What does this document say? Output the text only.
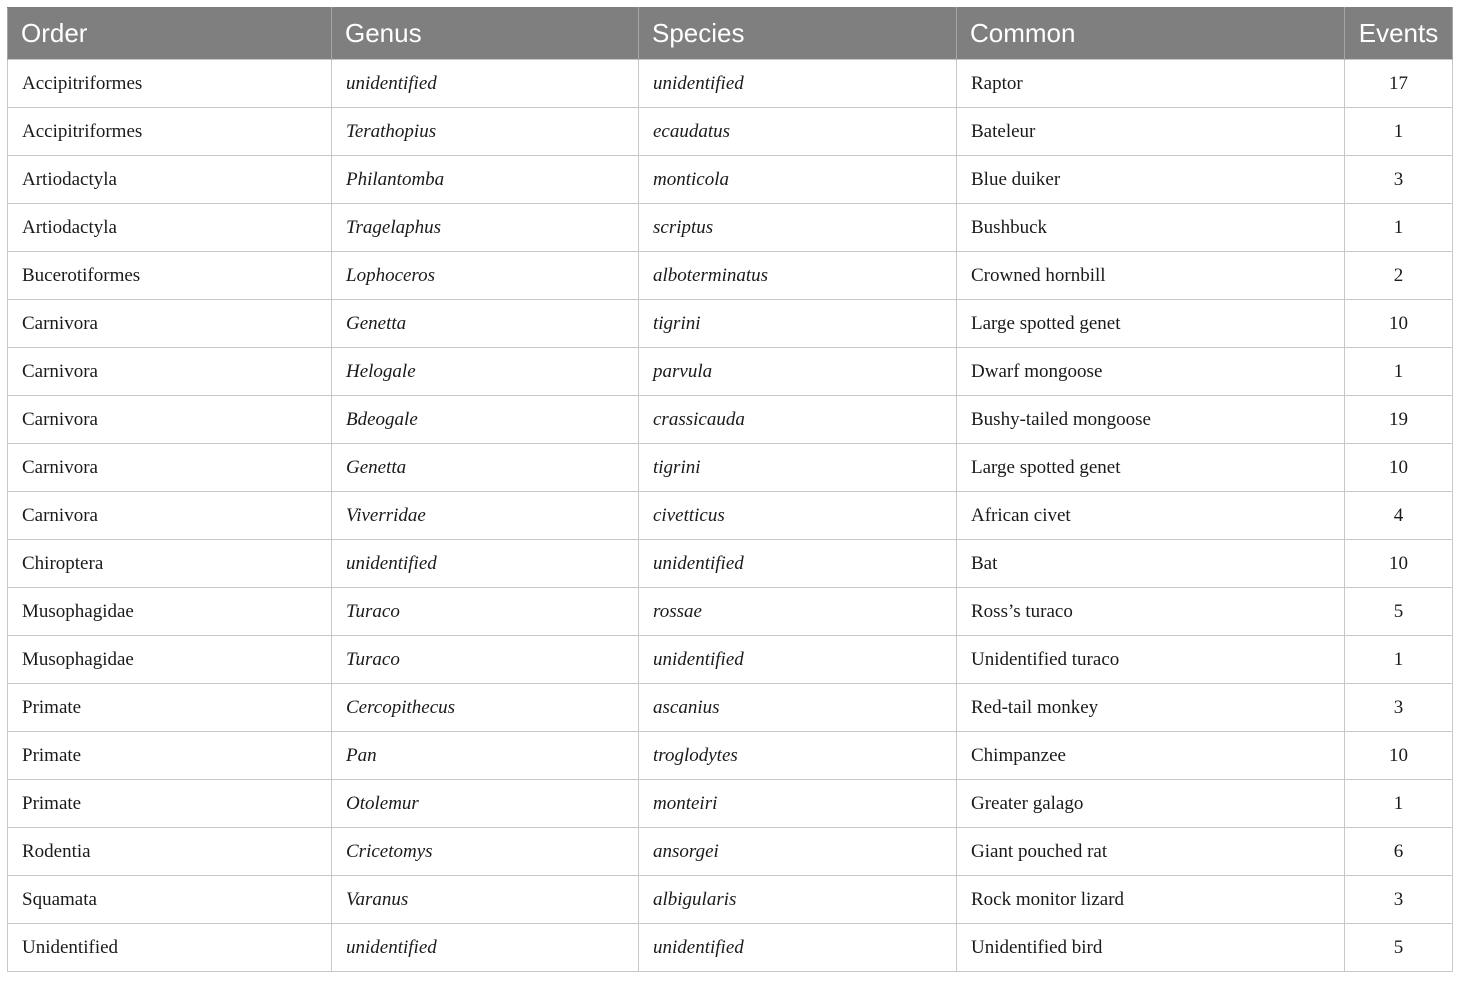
Order	Genus	Species	Common	Events
Accipitriformes	unidentified	unidentified	Raptor	17
Accipitriformes	Terathopius	ecaudatus	Bateleur	1
Artiodactyla	Philantomba	monticola	Blue duiker	3
Artiodactyla	Tragelaphus	scriptus	Bushbuck	1
Bucerotiformes	Lophoceros	alboterminatus	Crowned hornbill	2
Carnivora	Genetta	tigrini	Large spotted genet	10
Carnivora	Helogale	parvula	Dwarf mongoose	1
Carnivora	Bdeogale	crassicauda	Bushy-tailed mongoose	19
Carnivora	Genetta	tigrini	Large spotted genet	10
Carnivora	Viverridae	civetticus	African civet	4
Chiroptera	unidentified	unidentified	Bat	10
Musophagidae	Turaco	rossae	Ross’s turaco	5
Musophagidae	Turaco	unidentified	Unidentified turaco	1
Primate	Cercopithecus	ascanius	Red-tail monkey	3
Primate	Pan	troglodytes	Chimpanzee	10
Primate	Otolemur	monteiri	Greater galago	1
Rodentia	Cricetomys	ansorgei	Giant pouched rat	6
Squamata	Varanus	albigularis	Rock monitor lizard	3
Unidentified	unidentified	unidentified	Unidentified bird	5
